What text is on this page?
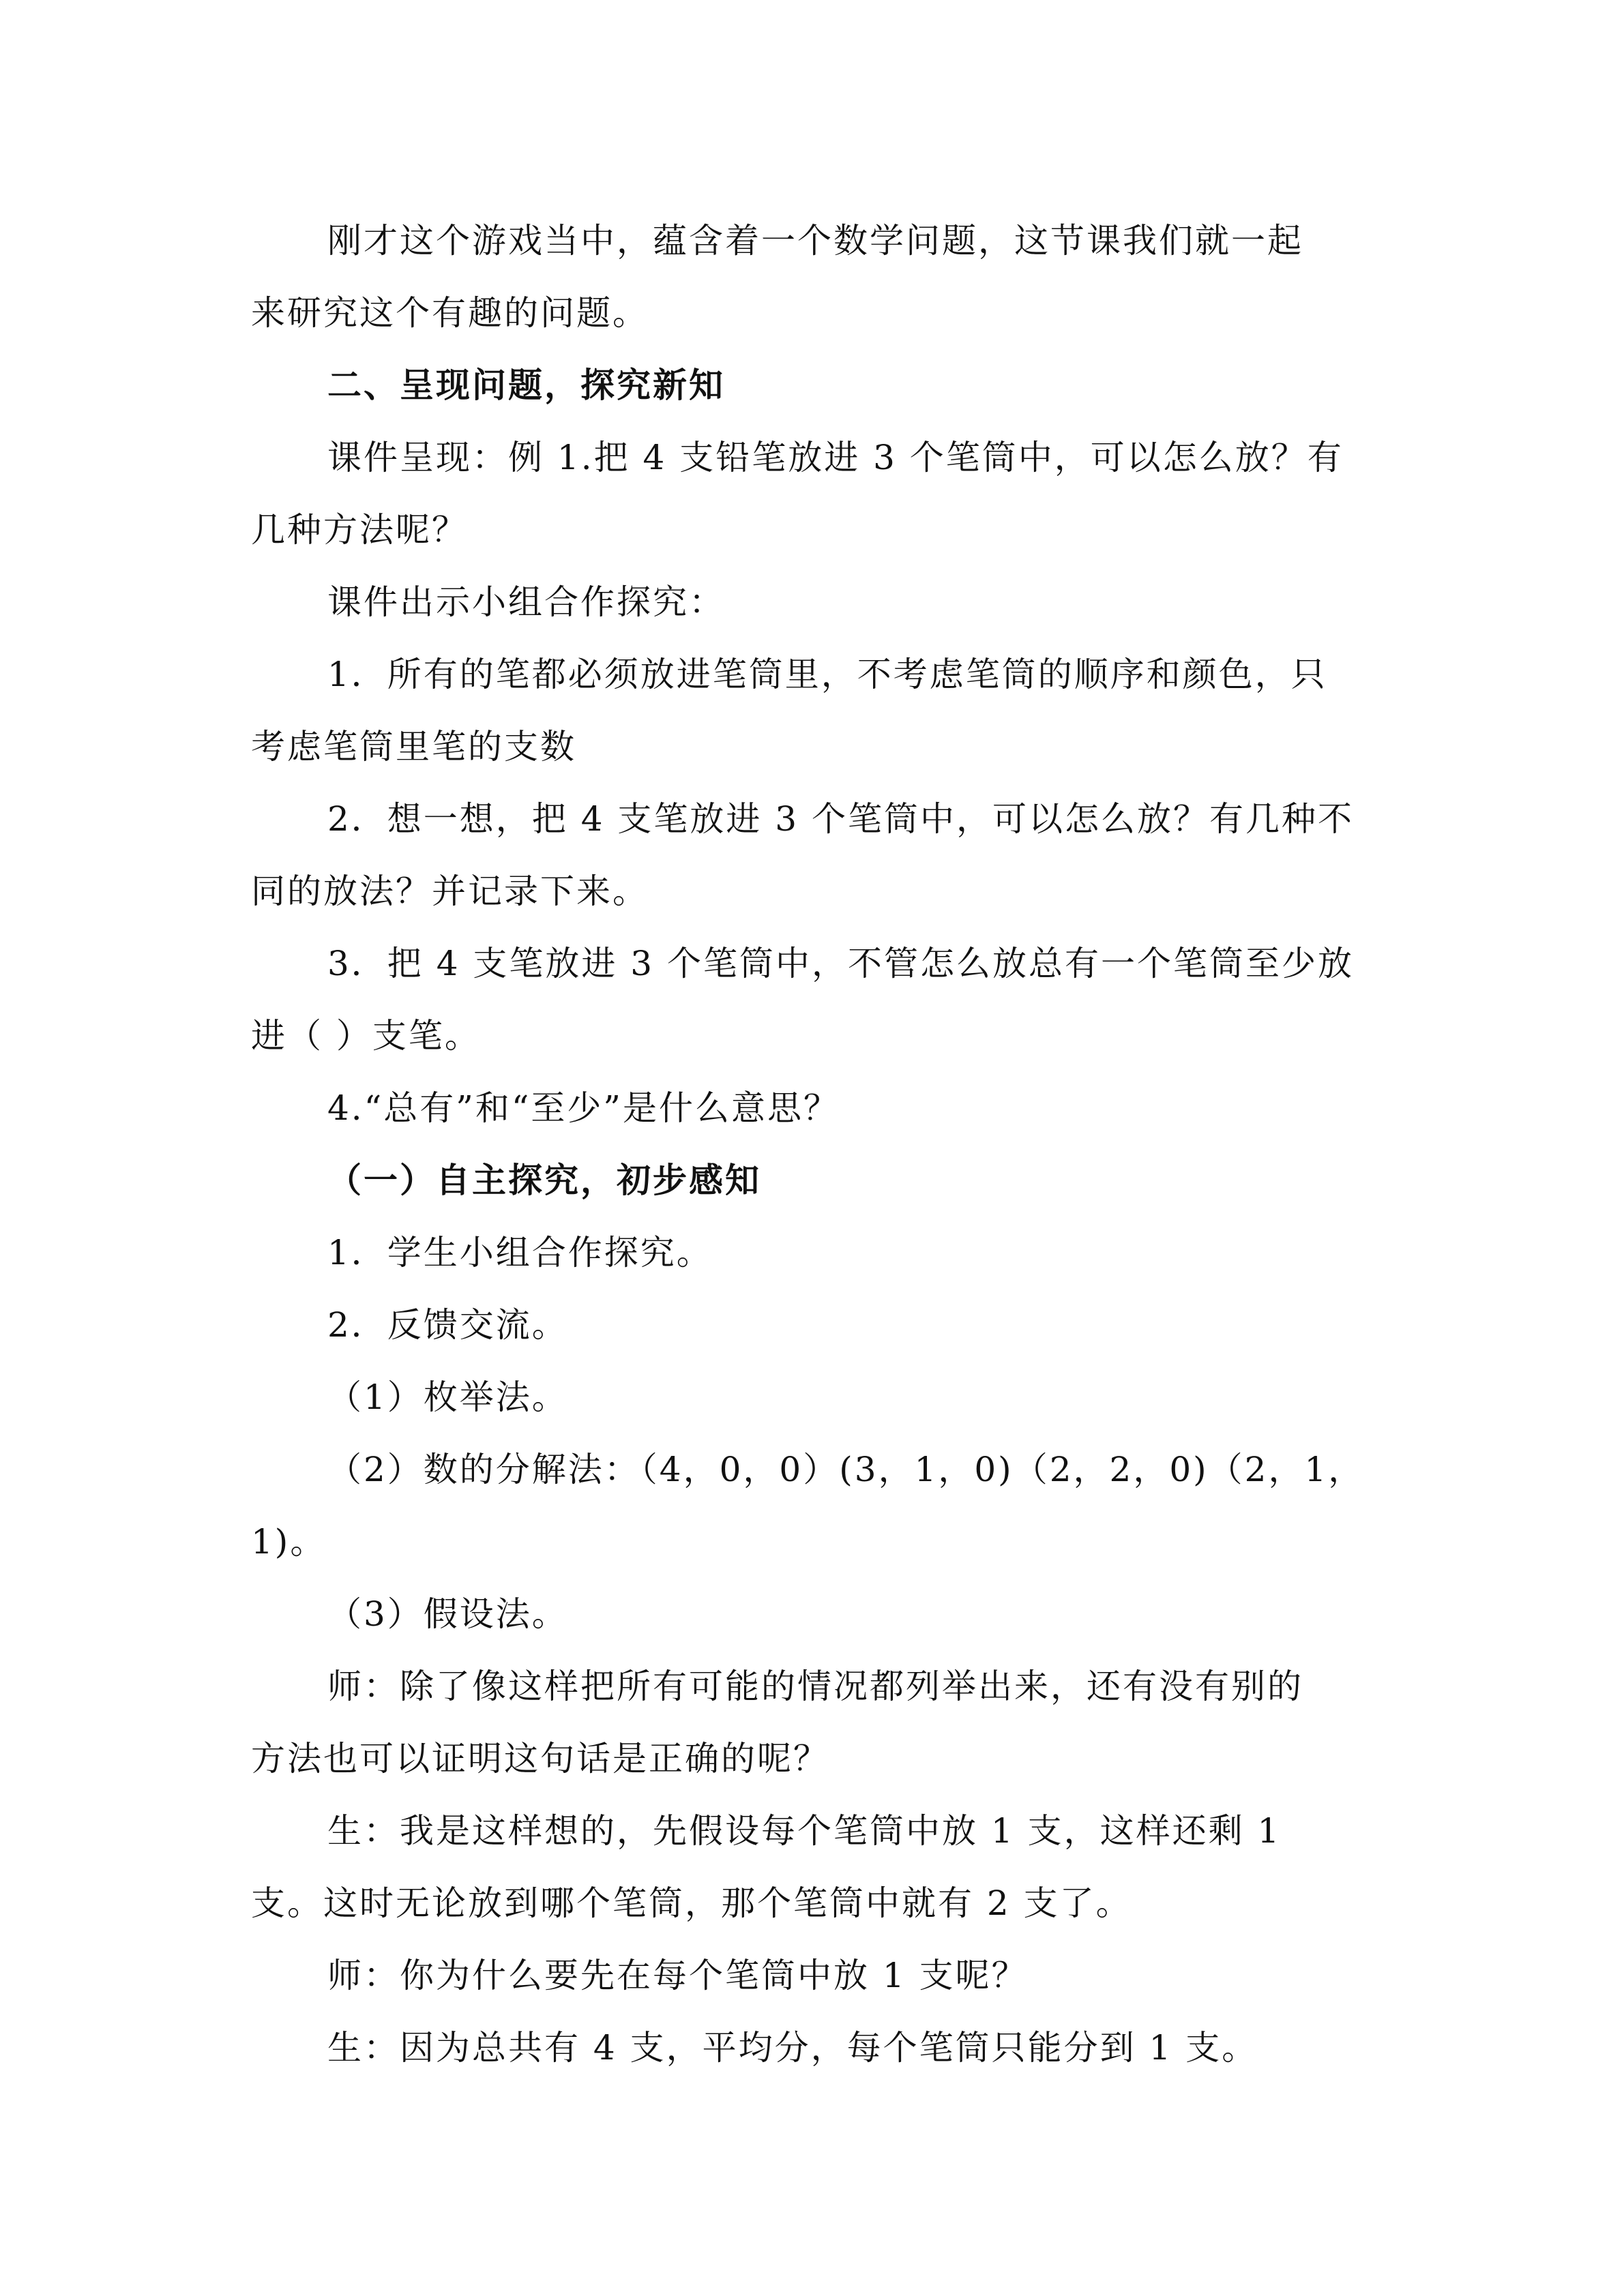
刚才这个游戏当中，蕴含着一个数学问题，这节课我们就一起

来研究这个有趣的问题。

二、呈现问题，探究新知

课件呈现：例 1.把 4 支铅笔放进 3 个笔筒中，可以怎么放？有

几种方法呢？

课件出示小组合作探究：

1．所有的笔都必须放进笔筒里，不考虑笔筒的顺序和颜色，只

考虑笔筒里笔的支数

2．想一想，把 4 支笔放进 3 个笔筒中，可以怎么放？有几种不

同的放法？并记录下来。

3．把 4 支笔放进 3 个笔筒中，不管怎么放总有一个笔筒至少放

进（ ）支笔。

4.“总有”和“至少”是什么意思？

（一）自主探究，初步感知

1．学生小组合作探究。

2．反馈交流。

（1）枚举法。

（2）数的分解法：（4，0，0）(3，1，0)（2，2，0)（2，1，

1)。

（3）假设法。

师：除了像这样把所有可能的情况都列举出来，还有没有别的

方法也可以证明这句话是正确的呢？

生：我是这样想的，先假设每个笔筒中放 1 支，这样还剩 1

支。这时无论放到哪个笔筒，那个笔筒中就有 2 支了。

师：你为什么要先在每个笔筒中放 1 支呢？

生：因为总共有 4 支，平均分，每个笔筒只能分到 1 支。
